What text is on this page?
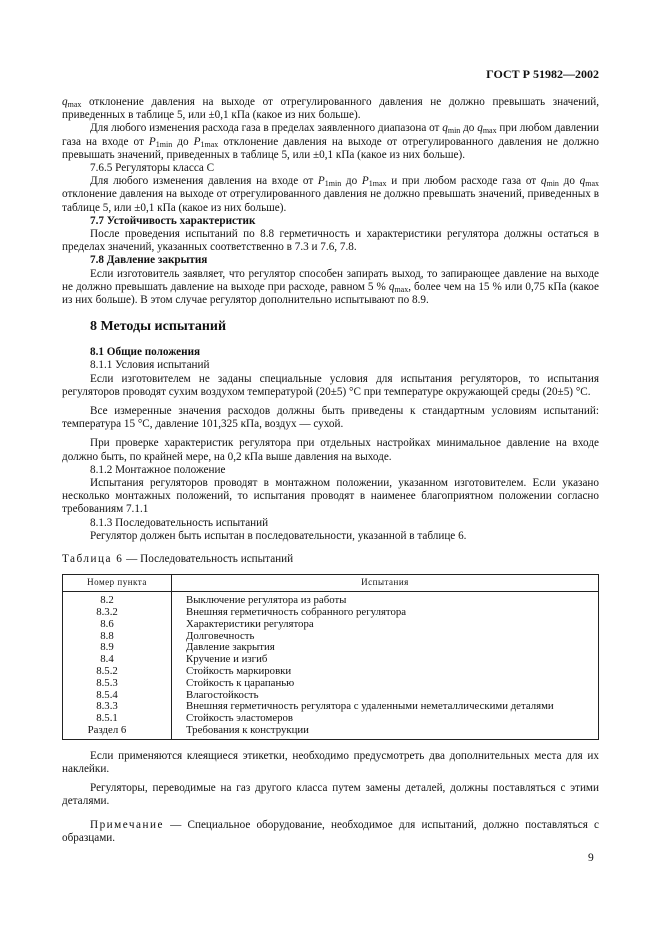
ГОСТ Р 51982—2002

$q_{max}$ отклонение давления на выходе от отрегулированного давления не должно превышать значений, приведенных в таблице 5, или ±0,1 кПа (какое из них больше).

Для любого изменения расхода газа в пределах заявленного диапазона от $q_{min}$ до $q_{max}$ при любом давлении газа на входе от $P_{1min}$ до $P_{1max}$ отклонение давления на выходе от отрегулированного давления не должно превышать значений, приведенных в таблице 5, или ±0,1 кПа (какое из них больше).

7.6.5 Регуляторы класса С

Для любого изменения давления на входе от $P_{1min}$ до $P_{1max}$ и при любом расходе газа от $q_{min}$ до $q_{max}$ отклонение давления на выходе от отрегулированного давления не должно превышать значений, приведенных в таблице 5, или ±0,1 кПа (какое из них больше).

7.7 Устойчивость характеристик

После проведения испытаний по 8.8 герметичность и характеристики регулятора должны остаться в пределах значений, указанных соответственно в 7.3 и 7.6, 7.8.

7.8 Давление закрытия

Если изготовитель заявляет, что регулятор способен запирать выход, то запирающее давление на выходе не должно превышать давление на выходе при расходе, равном 5 % $q_{max}$, более чем на 15 % или 0,75 кПа (какое из них больше). В этом случае регулятор дополнительно испытывают по 8.9.

8 Методы испытаний

8.1 Общие положения

8.1.1 Условия испытаний

Если изготовителем не заданы специальные условия для испытания регуляторов, то испытания регуляторов проводят сухим воздухом температурой (20±5) °С при температуре окружающей среды (20±5) °С.

Все измеренные значения расходов должны быть приведены к стандартным условиям испытаний: температура 15 °С, давление 101,325 кПа, воздух — сухой.

При проверке характеристик регулятора при отдельных настройках минимальное давление на входе должно быть, по крайней мере, на 0,2 кПа выше давления на выходе.

8.1.2 Монтажное положение

Испытания регуляторов проводят в монтажном положении, указанном изготовителем. Если указано несколько монтажных положений, то испытания проводят в наименее благоприятном положении согласно требованиям 7.1.1

8.1.3 Последовательность испытаний

Регулятор должен быть испытан в последовательности, указанной в таблице 6.

Таблица 6 — Последовательность испытаний

Номер пункта	Испытания
8.2	Выключение регулятора из работы
8.3.2	Внешняя герметичность собранного регулятора
8.6	Характеристики регулятора
8.8	Долговечность
8.9	Давление закрытия
8.4	Кручение и изгиб
8.5.2	Стойкость маркировки
8.5.3	Стойкость к царапанью
8.5.4	Влагостойкость
8.3.3	Внешняя герметичность регулятора с удаленными неметаллическими деталями
8.5.1	Стойкость эластомеров
Раздел 6	Требования к конструкции

Если применяются клеящиеся этикетки, необходимо предусмотреть два дополнительных места для их наклейки.

Регуляторы, переводимые на газ другого класса путем замены деталей, должны поставляться с этими деталями.

Примечание — Специальное оборудование, необходимое для испытаний, должно поставляться с образцами.

9
